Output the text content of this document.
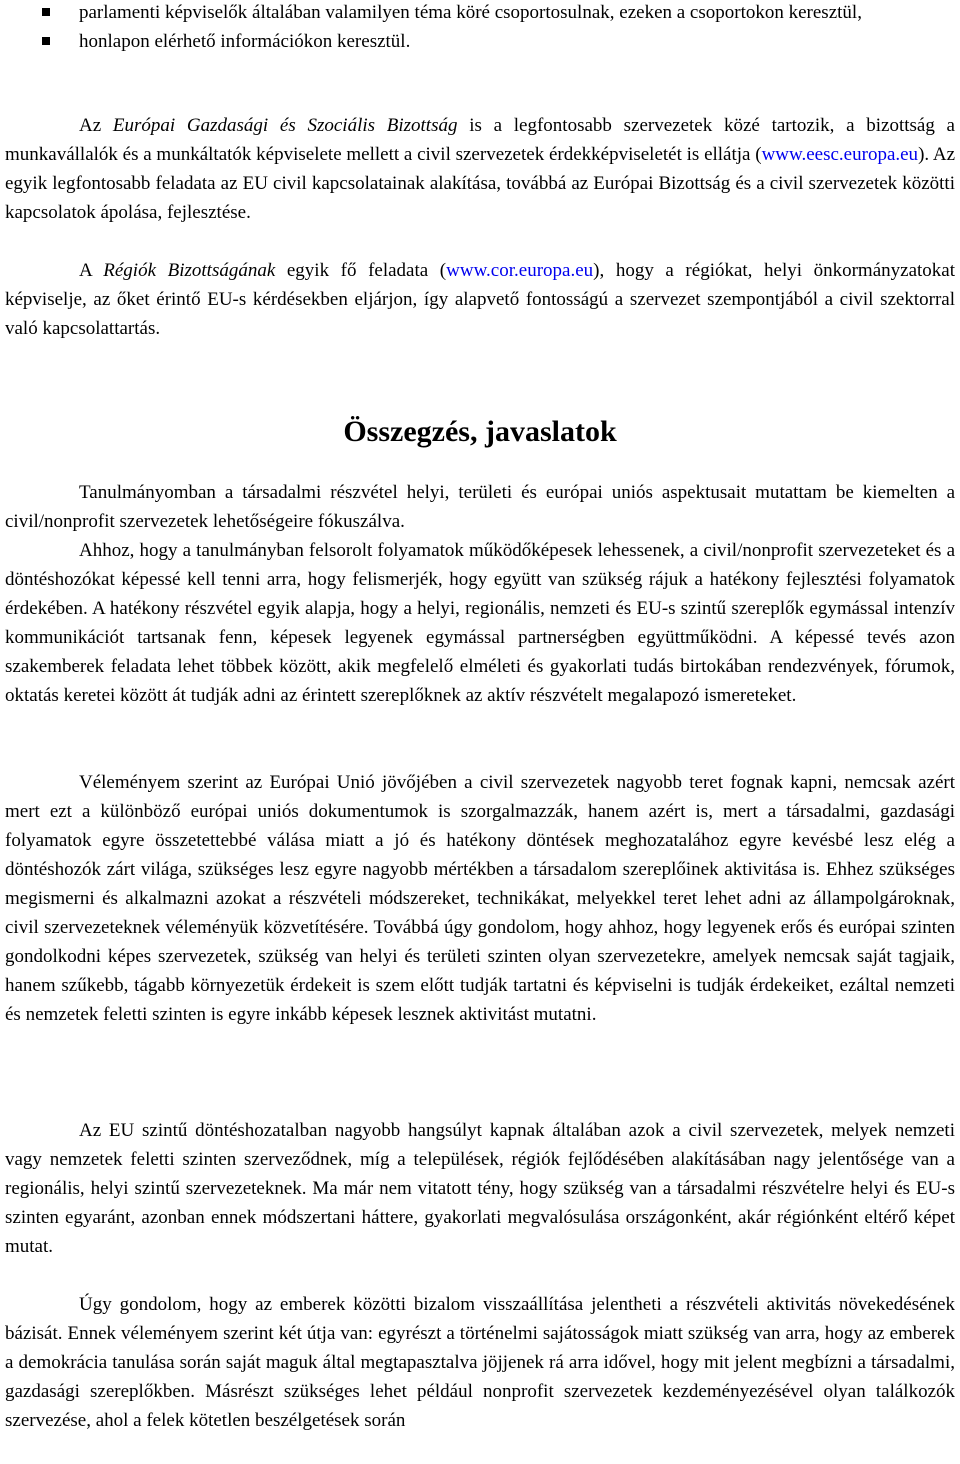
parlamenti képviselők általában valamilyen téma köré csoportosulnak, ezeken a csoportokon keresztül,
honlapon elérhető információkon keresztül.

Az Európai Gazdasági és Szociális Bizottság is a legfontosabb szervezetek közé tartozik, a bizottság a munkavállalók és a munkáltatók képviselete mellett a civil szervezetek érdekképviseletét is ellátja (www.eesc.europa.eu). Az egyik legfontosabb feladata az EU civil kapcsolatainak alakítása, továbbá az Európai Bizottság és a civil szervezetek közötti kapcsolatok ápolása, fejlesztése.

A Régiók Bizottságának egyik fő feladata (www.cor.europa.eu), hogy a régiókat, helyi önkormányzatokat képviselje, az őket érintő EU-s kérdésekben eljárjon, így alapvető fontosságú a szervezet szempontjából a civil szektorral való kapcsolattartás.

Összegzés, javaslatok

Tanulmányomban a társadalmi részvétel helyi, területi és európai uniós aspektusait mutattam be kiemelten a civil/nonprofit szervezetek lehetőségeire fókuszálva.

Ahhoz, hogy a tanulmányban felsorolt folyamatok működőképesek lehessenek, a civil/nonprofit szervezeteket és a döntéshozókat képessé kell tenni arra, hogy felismerjék, hogy együtt van szükség rájuk a hatékony fejlesztési folyamatok érdekében. A hatékony részvétel egyik alapja, hogy a helyi, regionális, nemzeti és EU-s szintű szereplők egymással intenzív kommunikációt tartsanak fenn, képesek legyenek egymással partnerségben együttműködni. A képessé tevés azon szakemberek feladata lehet többek között, akik megfelelő elméleti és gyakorlati tudás birtokában rendezvények, fórumok, oktatás keretei között át tudják adni az érintett szereplőknek az aktív részvételt megalapozó ismereteket.

Véleményem szerint az Európai Unió jövőjében a civil szervezetek nagyobb teret fognak kapni, nemcsak azért mert ezt a különböző európai uniós dokumentumok is szorgalmazzák, hanem azért is, mert a társadalmi, gazdasági folyamatok egyre összetettebbé válása miatt a jó és hatékony döntések meghozatalához egyre kevésbé lesz elég a döntéshozók zárt világa, szükséges lesz egyre nagyobb mértékben a társadalom szereplőinek aktivitása is. Ehhez szükséges megismerni és alkalmazni azokat a részvételi módszereket, technikákat, melyekkel teret lehet adni az állampolgároknak, civil szervezeteknek véleményük közvetítésére. Továbbá úgy gondolom, hogy ahhoz, hogy legyenek erős és európai szinten gondolkodni képes szervezetek, szükség van helyi és területi szinten olyan szervezetekre, amelyek nemcsak saját tagjaik, hanem szűkebb, tágabb környezetük érdekeit is szem előtt tudják tartatni és képviselni is tudják érdekeiket, ezáltal nemzeti és nemzetek feletti szinten is egyre inkább képesek lesznek aktivitást mutatni.

Az EU szintű döntéshozatalban nagyobb hangsúlyt kapnak általában azok a civil szervezetek, melyek nemzeti vagy nemzetek feletti szinten szerveződnek, míg a települések, régiók fejlődésében alakításában nagy jelentősége van a regionális, helyi szintű szervezeteknek. Ma már nem vitatott tény, hogy szükség van a társadalmi részvételre helyi és EU-s szinten egyaránt, azonban ennek módszertani háttere, gyakorlati megvalósulása országonként, akár régiónként eltérő képet mutat.

Úgy gondolom, hogy az emberek közötti bizalom visszaállítása jelentheti a részvételi aktivitás növekedésének bázisát. Ennek véleményem szerint két útja van: egyrészt a történelmi sajátosságok miatt szükség van arra, hogy az emberek a demokrácia tanulása során saját maguk által megtapasztalva jöjjenek rá arra idővel, hogy mit jelent megbízni a társadalmi, gazdasági szereplőkben. Másrészt szükséges lehet például nonprofit szervezetek kezdeményezésével olyan találkozók szervezése, ahol a felek kötetlen beszélgetések során
